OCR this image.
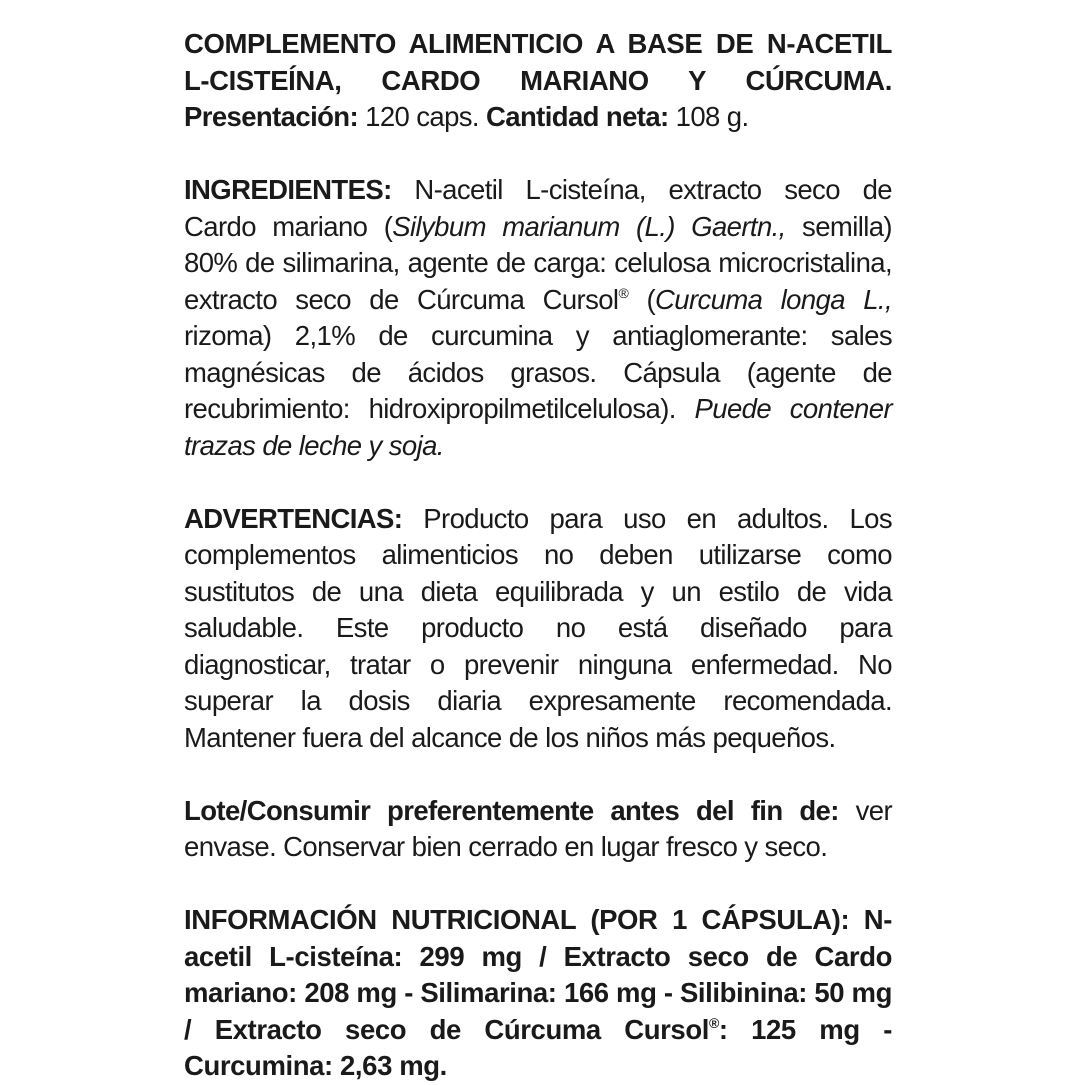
COMPLEMENTO ALIMENTICIO A BASE DE N-ACETIL L-CISTEÍNA, CARDO MARIANO Y CÚRCUMA. Presentación: 120 caps. Cantidad neta: 108 g.

INGREDIENTES: N-acetil L-cisteína, extracto seco de Cardo mariano (Silybum marianum (L.) Gaertn., semilla) 80% de silimarina, agente de carga: celulosa microcristalina, extracto seco de Cúrcuma Cursol® (Curcuma longa L., rizoma) 2,1% de curcumina y antiaglomerante: sales magnésicas de ácidos grasos. Cápsula (agente de recubrimiento: hidroxipropilmetilcelulosa). Puede contener trazas de leche y soja.

ADVERTENCIAS: Producto para uso en adultos. Los complementos alimenticios no deben utilizarse como sustitutos de una dieta equilibrada y un estilo de vida saludable. Este producto no está diseñado para diagnosticar, tratar o prevenir ninguna enfermedad. No superar la dosis diaria expresamente recomendada. Mantener fuera del alcance de los niños más pequeños.

Lote/Consumir preferentemente antes del fin de: ver envase. Conservar bien cerrado en lugar fresco y seco.

INFORMACIÓN NUTRICIONAL (POR 1 CÁPSULA): N-acetil L-cisteína: 299 mg / Extracto seco de Cardo mariano: 208 mg - Silimarina: 166 mg - Silibinina: 50 mg / Extracto seco de Cúrcuma Cursol®: 125 mg - Curcumina: 2,63 mg.
